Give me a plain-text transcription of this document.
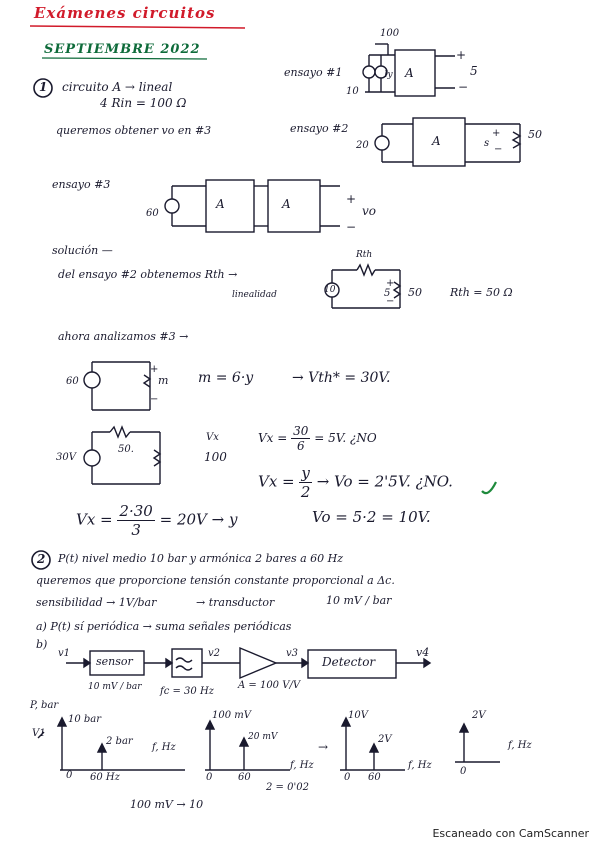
Exámenes circuitos
SEPTIEMBRE 2022
1 circuito A → lineal
4 Rin = 100 Ω
ensayo #1
10
100
Iy A
+
−
5
queremos obtener vo en #3	ensayo #2
20	A
+
s
−
50
ensayo #3
60
A	A	+
vo
−
solución —
del ensayo #2 obtenemos Rth →
Rth
linealidad	10
+
5
−
50	Rth = 50 Ω
ahora analizamos #3 →
60
+
m
−
m = 6·y	→ Vth* = 30V.
30V
50.
Vx
100
$Vx = \frac{30}{6} = 5V$. ¿NO
$Vx = \frac{y}{2} \to Vo = 2'5V$. ¿NO.
$Vx = \frac{2\cdot 30}{3} = 20V \to y$	Vo = 5·2 = 10V.
2 P(t) nivel medio 10 bar y armónica 2 bares a 60 Hz
queremos que proporcione tensión constante proporcional a Δc.
sensibilidad → 1V/bar	→ transductor	10 mV / bar
a) P(t) sí periódica → suma señales periódicas
b)
v1
sensor
v2	v3
Detector
v4
10 mV / bar fc = 30 Hz
A = 100 V/V
P, bar
10 bar
2 bar
V1
f, Hz
60 Hz
0
100 mV
20 mV
f, Hz
60
0
→
10V
2V
f, Hz
60
0
2V
f, Hz
0
2 = 0'02
100 mV → 10
Escaneado con CamScanner
